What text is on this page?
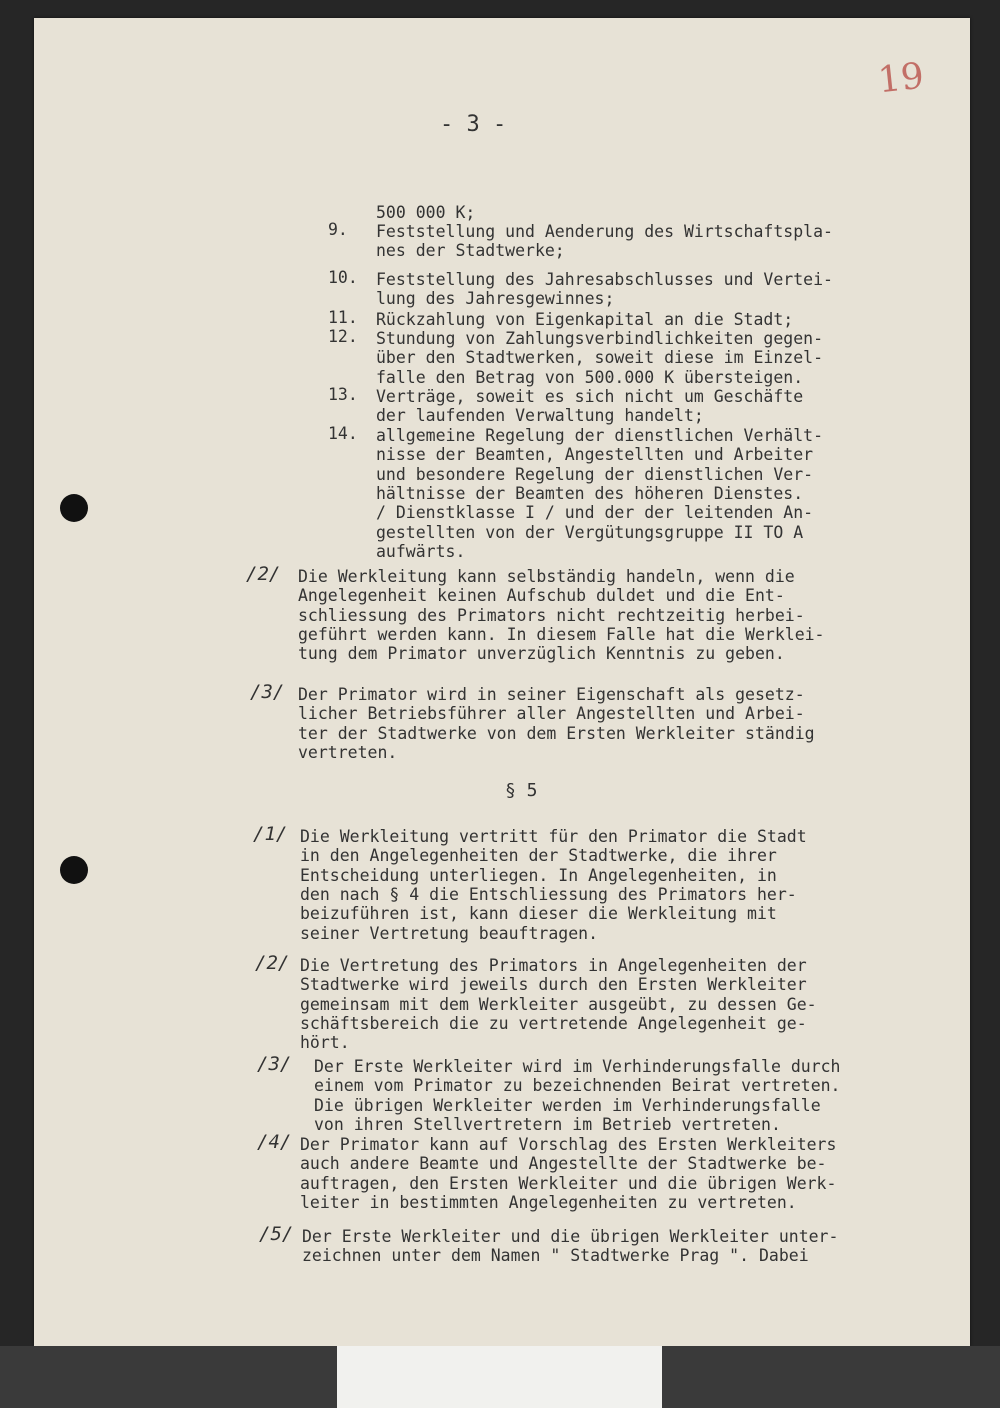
19
- 3 -
500 000 K;
9. Feststellung und Aenderung des Wirtschaftspla-
nes der Stadtwerke;
10. Feststellung des Jahresabschlusses und Vertei-
lung des Jahresgewinnes;
11. Rückzahlung von Eigenkapital an die Stadt;
12. Stundung von Zahlungsverbindlichkeiten gegen-
über den Stadtwerken, soweit diese im Einzel-
falle den Betrag von 500.000 K übersteigen.
13. Verträge, soweit es sich nicht um Geschäfte
der laufenden Verwaltung handelt;
14. allgemeine Regelung der dienstlichen Verhält-
nisse der Beamten, Angestellten und Arbeiter
und besondere Regelung der dienstlichen Ver-
hältnisse der Beamten des höheren Dienstes.
/ Dienstklasse I / und der der leitenden An-
gestellten von der Vergütungsgruppe II TO A
aufwärts.
/2/ Die Werkleitung kann selbständig handeln, wenn die
Angelegenheit keinen Aufschub duldet und die Ent-
schliessung des Primators nicht rechtzeitig herbei-
geführt werden kann. In diesem Falle hat die Werklei-
tung dem Primator unverzüglich Kenntnis zu geben.
/3/ Der Primator wird in seiner Eigenschaft als gesetz-
licher Betriebsführer aller Angestellten und Arbei-
ter der Stadtwerke von dem Ersten Werkleiter ständig
vertreten.
§ 5
/1/ Die Werkleitung vertritt für den Primator die Stadt
in den Angelegenheiten der Stadtwerke, die ihrer
Entscheidung unterliegen. In Angelegenheiten, in
den nach § 4 die Entschliessung des Primators her-
beizuführen ist, kann dieser die Werkleitung mit
seiner Vertretung beauftragen.
/2/ Die Vertretung des Primators in Angelegenheiten der
Stadtwerke wird jeweils durch den Ersten Werkleiter
gemeinsam mit dem Werkleiter ausgeübt, zu dessen Ge-
schäftsbereich die zu vertretende Angelegenheit ge-
hört.
/3/ Der Erste Werkleiter wird im Verhinderungsfalle durch
einem vom Primator zu bezeichnenden Beirat vertreten.
Die übrigen Werkleiter werden im Verhinderungsfalle
von ihren Stellvertretern im Betrieb vertreten.
/4/ Der Primator kann auf Vorschlag des Ersten Werkleiters
auch andere Beamte und Angestellte der Stadtwerke be-
auftragen, den Ersten Werkleiter und die übrigen Werk-
leiter in bestimmten Angelegenheiten zu vertreten.
/5/ Der Erste Werkleiter und die übrigen Werkleiter unter-
zeichnen unter dem Namen " Stadtwerke Prag ". Dabei
